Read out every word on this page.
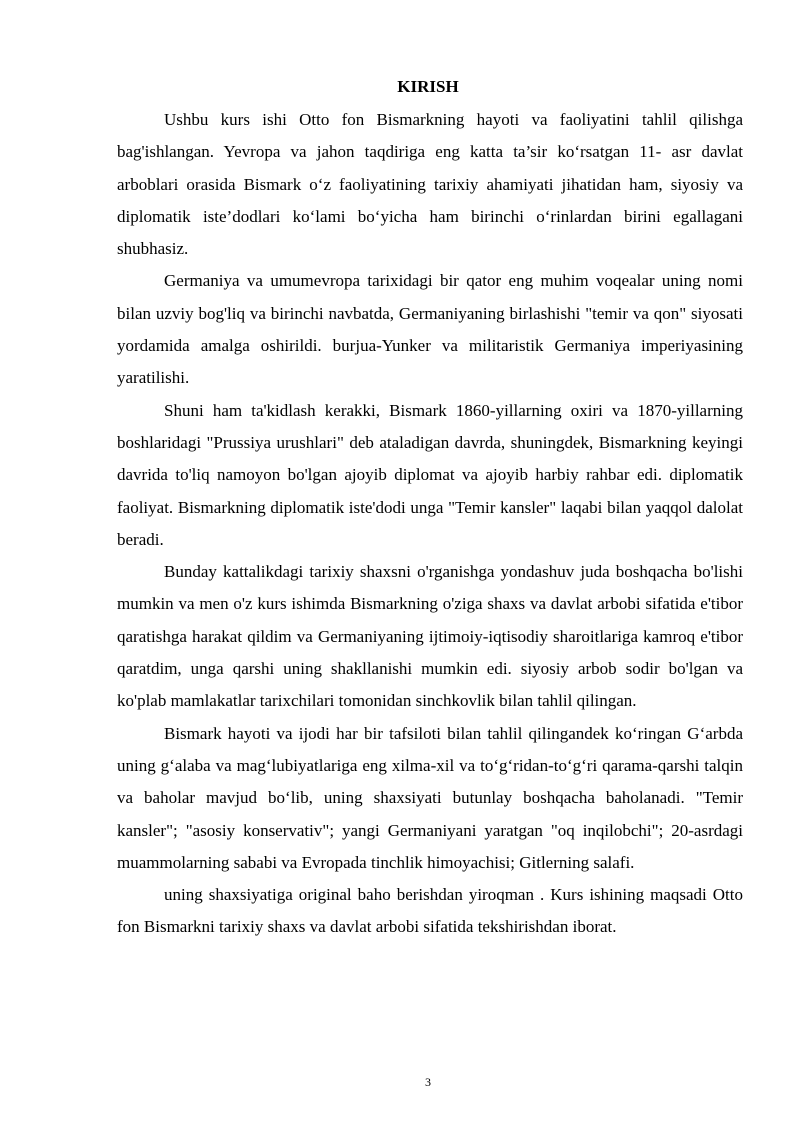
KIRISH

Ushbu kurs ishi Otto fon Bismarkning hayoti va faoliyatini tahlil qilishga bag'ishlangan. Yevropa va jahon taqdiriga eng katta ta’sir ko‘rsatgan 11- asr davlat arboblari orasida Bismark o‘z faoliyatining tarixiy ahamiyati jihatidan ham, siyosiy va diplomatik iste’dodlari ko‘lami bo‘yicha ham birinchi o‘rinlardan birini egallagani shubhasiz.

Germaniya va umumevropa tarixidagi bir qator eng muhim voqealar uning nomi bilan uzviy bog'liq va birinchi navbatda, Germaniyaning birlashishi "temir va qon" siyosati yordamida amalga oshirildi. burjua-Yunker va militaristik Germaniya imperiyasining yaratilishi.

Shuni ham ta'kidlash kerakki, Bismark 1860-yillarning oxiri va 1870-yillarning boshlaridagi "Prussiya urushlari" deb ataladigan davrda, shuningdek, Bismarkning keyingi davrida to'liq namoyon bo'lgan ajoyib diplomat va ajoyib harbiy rahbar edi. diplomatik faoliyat. Bismarkning diplomatik iste'dodi unga "Temir kansler" laqabi bilan yaqqol dalolat beradi.

Bunday kattalikdagi tarixiy shaxsni o'rganishga yondashuv juda boshqacha bo'lishi mumkin va men o'z kurs ishimda Bismarkning o'ziga shaxs va davlat arbobi sifatida e'tibor qaratishga harakat qildim va Germaniyaning ijtimoiy-iqtisodiy sharoitlariga kamroq e'tibor qaratdim, unga qarshi uning shakllanishi mumkin edi. siyosiy arbob sodir bo'lgan va ko'plab mamlakatlar tarixchilari tomonidan sinchkovlik bilan tahlil qilingan.

Bismark hayoti va ijodi har bir tafsiloti bilan tahlil qilingandek ko‘ringan G‘arbda uning g‘alaba va mag‘lubiyatlariga eng xilma-xil va to‘g‘ridan-to‘g‘ri qarama-qarshi talqin va baholar mavjud bo‘lib, uning shaxsiyati butunlay boshqacha baholanadi. "Temir kansler"; "asosiy konservativ"; yangi Germaniyani yaratgan "oq inqilobchi"; 20-asrdagi muammolarning sababi va Evropada tinchlik himoyachisi; Gitlerning salafi.

uning shaxsiyatiga original baho berishdan yiroqman . Kurs ishining maqsadi Otto fon Bismarkni tarixiy shaxs va davlat arbobi sifatida tekshirishdan iborat.

3
